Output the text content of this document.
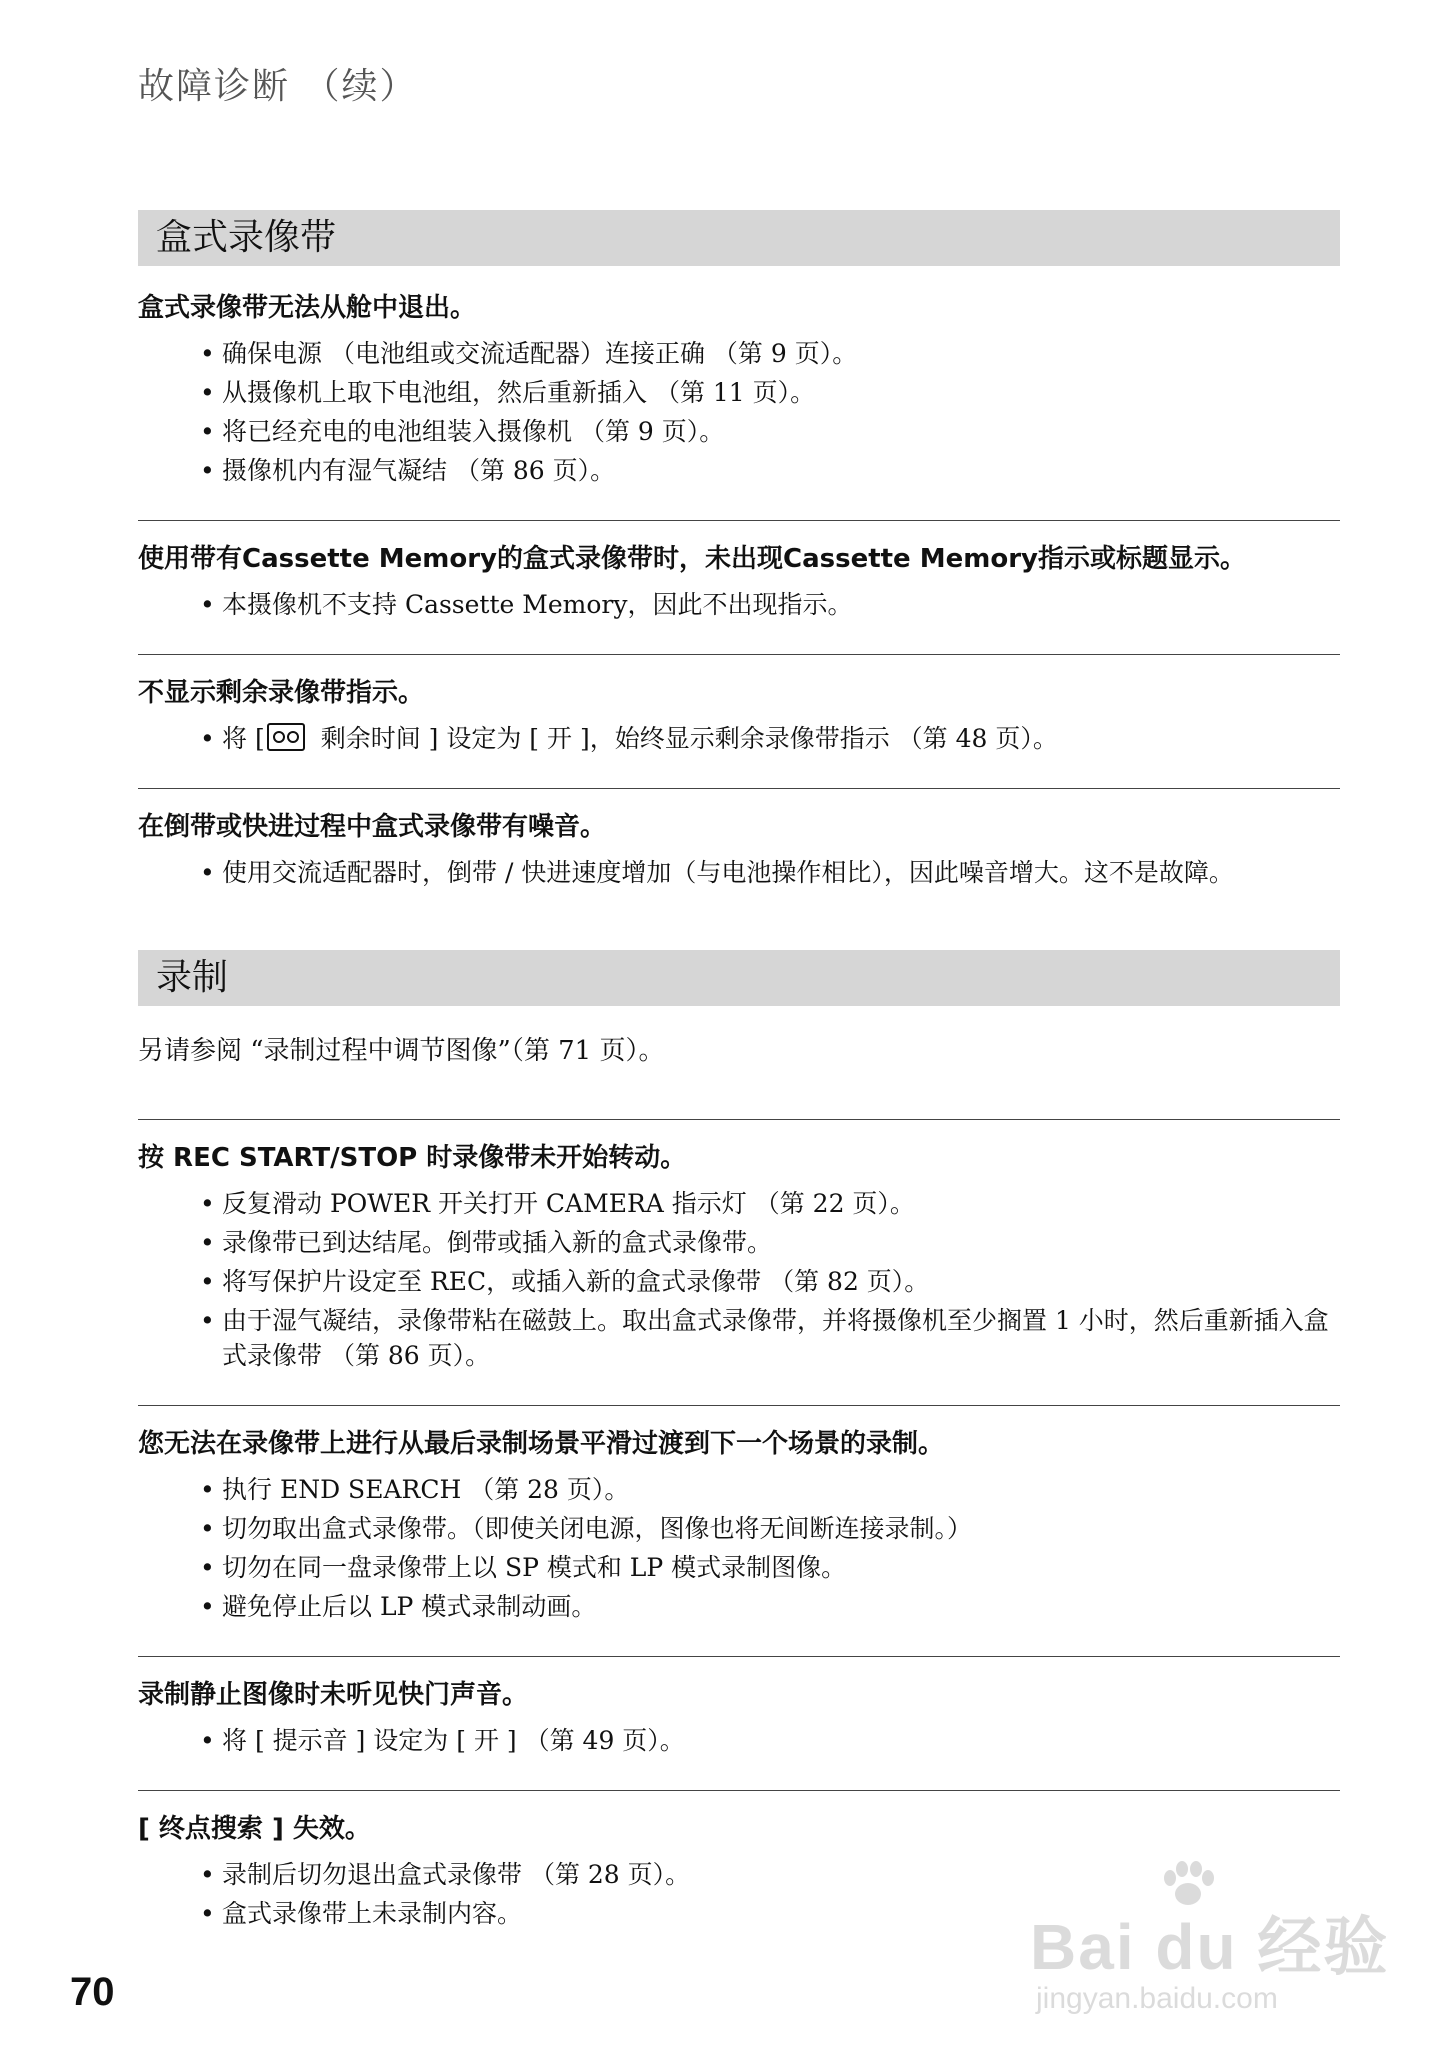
故障诊断 （续）
盒式录像带

盒式录像带无法从舱中退出。

• 确保电源 （电池组或交流适配器）连接正确 （第 9 页）。
• 从摄像机上取下电池组，然后重新插入 （第 11 页）。
• 将已经充电的电池组装入摄像机 （第 9 页）。
• 摄像机内有湿气凝结 （第 86 页）。

使用带有Cassette Memory的盒式录像带时，未出现Cassette Memory指示或标题显示。

• 本摄像机不支持 Cassette Memory，因此不出现指示。

不显示剩余录像带指示。

• 将 [ 剩余时间 ] 设定为 [ 开 ]，始终显示剩余录像带指示 （第 48 页）。

在倒带或快进过程中盒式录像带有噪音。

• 使用交流适配器时，倒带 / 快进速度增加（与电池操作相比），因此噪音增大。这不是故障。
录制

另请参阅 “录制过程中调节图像”（第 71 页）。

按 REC START/STOP 时录像带未开始转动。

• 反复滑动 POWER 开关打开 CAMERA 指示灯 （第 22 页）。
• 录像带已到达结尾。倒带或插入新的盒式录像带。
• 将写保护片设定至 REC，或插入新的盒式录像带 （第 82 页）。
• 由于湿气凝结，录像带粘在磁鼓上。取出盒式录像带，并将摄像机至少搁置 1 小时，然后重新插入盒式录像带 （第 86 页）。

您无法在录像带上进行从最后录制场景平滑过渡到下一个场景的录制。

• 执行 END SEARCH （第 28 页）。
• 切勿取出盒式录像带。（即使关闭电源，图像也将无间断连接录制。）
• 切勿在同一盘录像带上以 SP 模式和 LP 模式录制图像。
• 避免停止后以 LP 模式录制动画。

录制静止图像时未听见快门声音。

• 将 [ 提示音 ] 设定为 [ 开 ] （第 49 页）。

[ 终点搜索 ] 失效。

• 录制后切勿退出盒式录像带 （第 28 页）。
• 盒式录像带上未录制内容。
70
Bai du 经验
jingyan.baidu.com
